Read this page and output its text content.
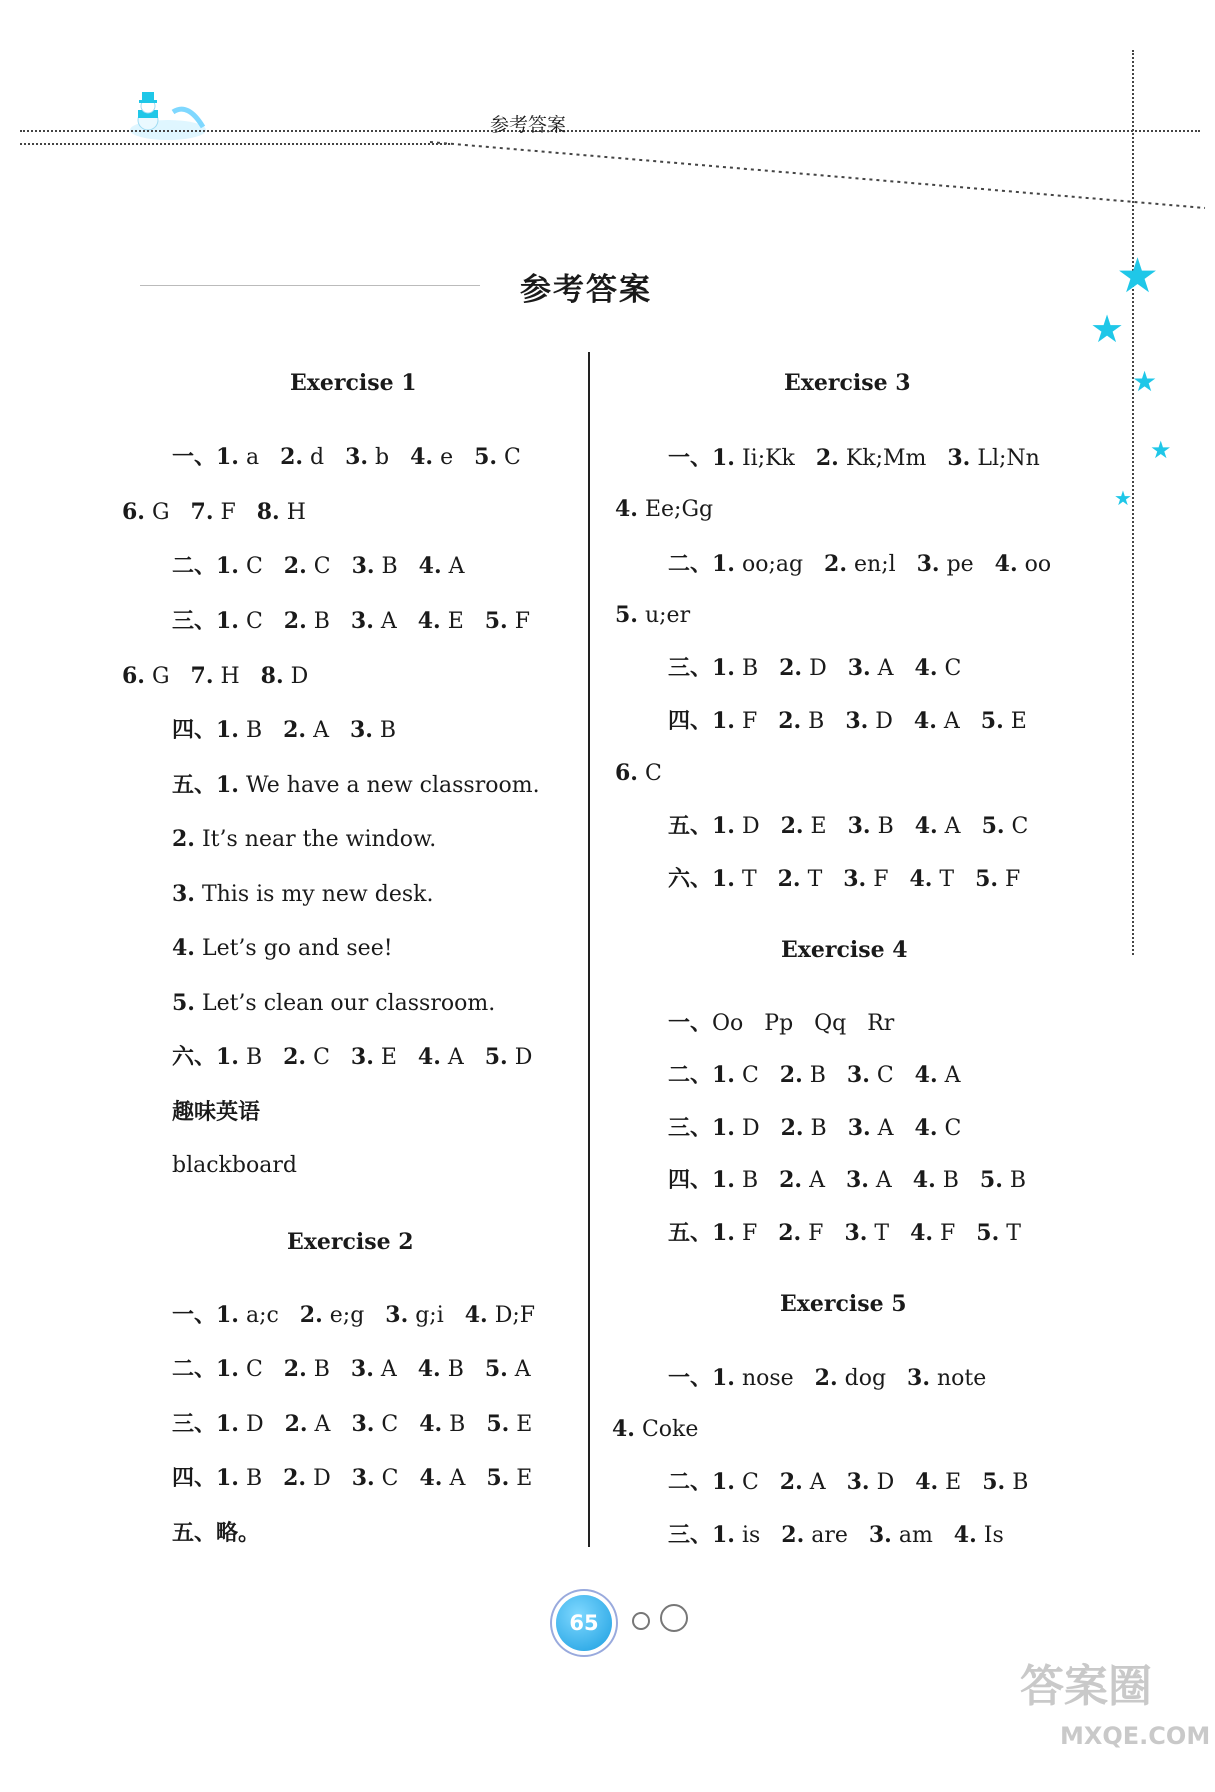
参考答案
★
★
★
★
★
参考答案
Exercise 1
一、1. a   2. d   3. b   4. e   5. C
6. G   7. F   8. H
二、1. C   2. C   3. B   4. A
三、1. C   2. B   3. A   4. E   5. F
6. G   7. H   8. D
四、1. B   2. A   3. B
五、1. We have a new classroom.
2. It’s near the window.
3. This is my new desk.
4. Let’s go and see!
5. Let’s clean our classroom.
六、1. B   2. C   3. E   4. A   5. D
趣味英语
blackboard
Exercise 2
一、1. a;c   2. e;g   3. g;i   4. D;F
二、1. C   2. B   3. A   4. B   5. A
三、1. D   2. A   3. C   4. B   5. E
四、1. B   2. D   3. C   4. A   5. E
五、略。
Exercise 3
一、1. Ii;Kk   2. Kk;Mm   3. Ll;Nn
4. Ee;Gg
二、1. oo;ag   2. en;l   3. pe   4. oo
5. u;er
三、1. B   2. D   3. A   4. C
四、1. F   2. B   3. D   4. A   5. E
6. C
五、1. D   2. E   3. B   4. A   5. C
六、1. T   2. T   3. F   4. T   5. F
Exercise 4
一、Oo   Pp   Qq   Rr
二、1. C   2. B   3. C   4. A
三、1. D   2. B   3. A   4. C
四、1. B   2. A   3. A   4. B   5. B
五、1. F   2. F   3. T   4. F   5. T
Exercise 5
一、1. nose   2. dog   3. note
4. Coke
二、1. C   2. A   3. D   4. E   5. B
三、1. is   2. are   3. am   4. Is
65
答案圈
MXQE.COM
